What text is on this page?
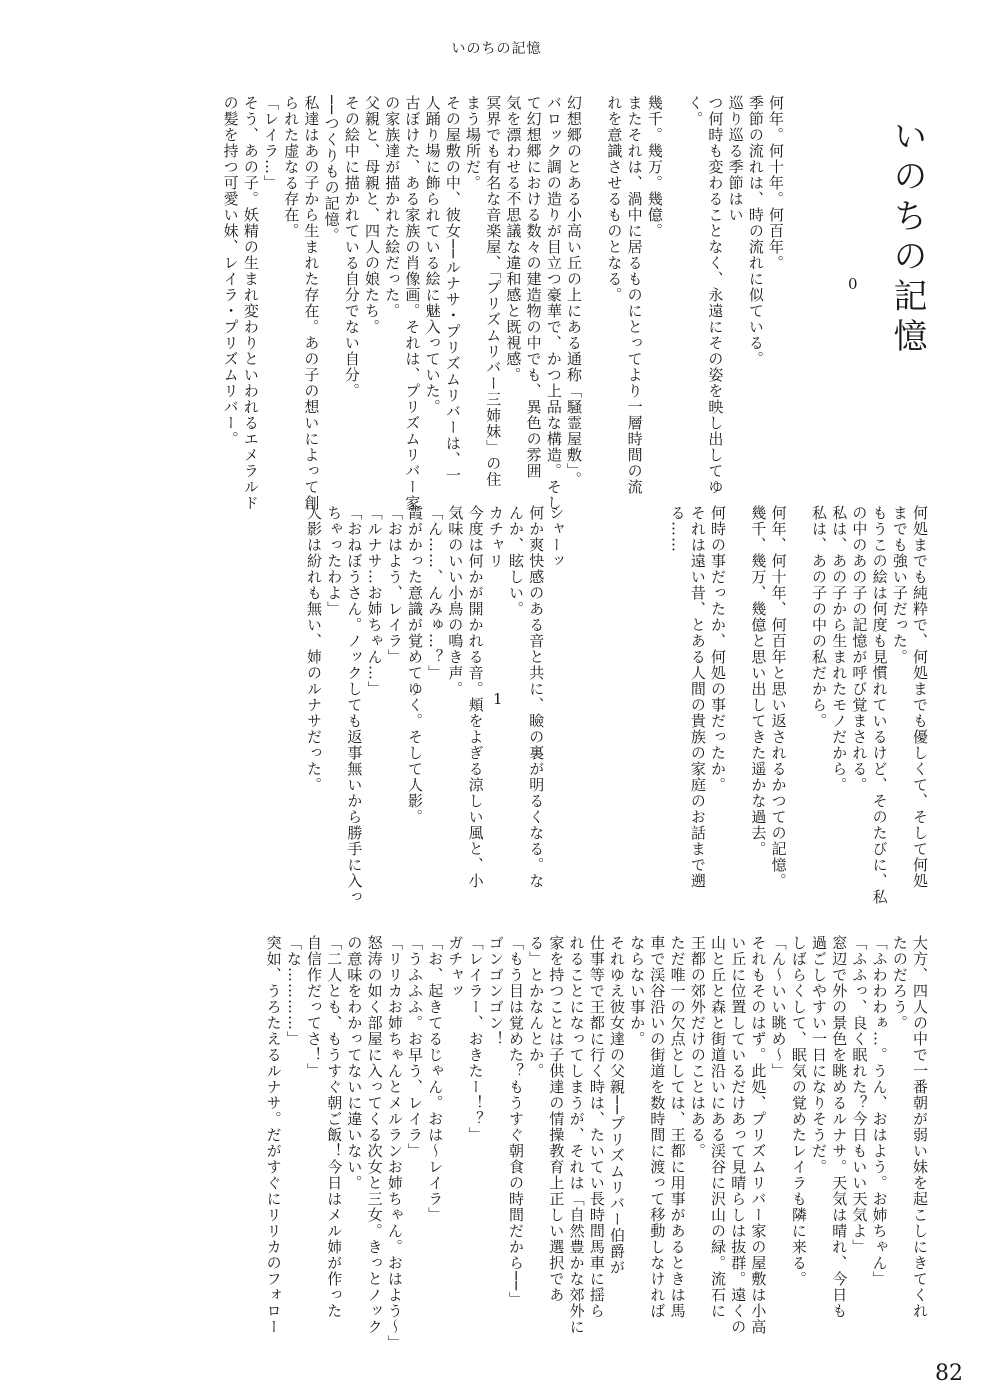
いのちの記憶
いのちの記憶
0
1
何年。何十年。何百年。
季節の流れは、時の流れに似ている。
巡り巡る季節はい
つ何時も変わることなく、永遠にその姿を映し出してゆ
く。
幾千。幾万。幾億。
またそれは、渦中に居るものにとってより一層時間の流
れを意識させるものとなる。
幻想郷のとある小高い丘の上にある通称「騒霊屋敷」。
バロック調の造りが目立つ豪華で、かつ上品な構造。そし
て幻想郷における数々の建造物の中でも、異色の雰囲
気を漂わせる不思議な違和感と既視感。
冥界でも有名な音楽屋、「プリズムリバー三姉妹」の住
まう場所だ。
その屋敷の中、彼女──ルナサ・プリズムリバーは、一
人踊り場に飾られている絵に魅入っていた。
古ぼけた、ある家族の肖像画。それは、プリズムリバー家
の家族達が描かれた絵だった。
父親と、母親と、四人の娘たち。
その絵中に描かれている自分でない自分。
──つくりもの記憶。
私達はあの子から生まれた存在。あの子の想いによって創
られた虚なる存在。
「レイラ…」
そう、あの子。妖精の生まれ変わりといわれるエメラルド
の髪を持つ可愛い妹、レイラ・プリズムリバー。
何処までも純粋で、何処までも優しくて、そして何処
までも強い子だった。
もうこの絵は何度も見慣れているけど、そのたびに、私
の中のあの子の記憶が呼び覚まされる。
私は、あの子から生まれたモノだから。
私は、あの子の中の私だから。
何年、何十年、何百年と思い返されるかつての記憶。
幾千、幾万、幾億と思い出してきた遥かな過去。
何時の事だったか、何処の事だったか。
それは遠い昔、とある人間の貴族の家庭のお話まで遡
る……
シャーッ
何か爽快感のある音と共に、瞼の裏が明るくなる。な
んか、眩しい。
カチャリ
今度は何かが開かれる音。頬をよぎる涼しい風と、小
気味のいい小鳥の鳴き声。
「ん……、んみゅ…？」
霞がかった意識が覚めてゆく。そして人影。
「おはよう、レイラ」
「ルナサ…お姉ちゃん…」
「おねぼうさん。ノックしても返事無いから勝手に入っ
ちゃったわよ」
人影は紛れも無い、姉のルナサだった。
大方、四人の中で一番朝が弱い妹を起こしにきてくれ
たのだろう。
「ふわわわぁ…。うん、おはよう。お姉ちゃん」
「ふふっ、良く眠れた？今日もいい天気よ」
窓辺で外の景色を眺めるルナサ。天気は晴れ、今日も
過ごしやすい一日になりそうだ。
しばらくして、眠気の覚めたレイラも隣に来る。
「ん〜いい眺め〜」
それもそのはず。此処、プリズムリバー家の屋敷は小高
い丘に位置しているだけあって見晴らしは抜群。遠くの
山と丘と森と街道沿いにある渓谷に沢山の緑。流石に
王都の郊外だけのことはある。
ただ唯一の欠点としては、王都に用事があるときは馬
車で渓谷沿いの街道を数時間に渡って移動しなければ
ならない事か。
それゆえ彼女達の父親──プリズムリバー伯爵が
仕事等で王都に行く時は、たいてい長時間馬車に揺ら
れることになってしまうが、それは「自然豊かな郊外に
家を持つことは子供達の情操教育上正しい選択であ
る」とかなんとか。
「もう目は覚めた？もうすぐ朝食の時間だから──」
ゴンゴンゴン！
「レイラー、おきたー！？」
ガチャッ
「お、起きてるじゃん。おは〜レイラ」
「うふふふ。お早う、レイラ」
「リリカお姉ちゃんとメルランお姉ちゃん。おはよう〜」
怒涛の如く部屋に入ってくる次女と三女。きっとノック
の意味をわかってないに違いない。
「二人とも、もうすぐ朝ご飯！今日はメル姉が作った
自信作だってさ！」
「な…………」
突如、うろたえるルナサ。だがすぐにリリカのフォロー
82
